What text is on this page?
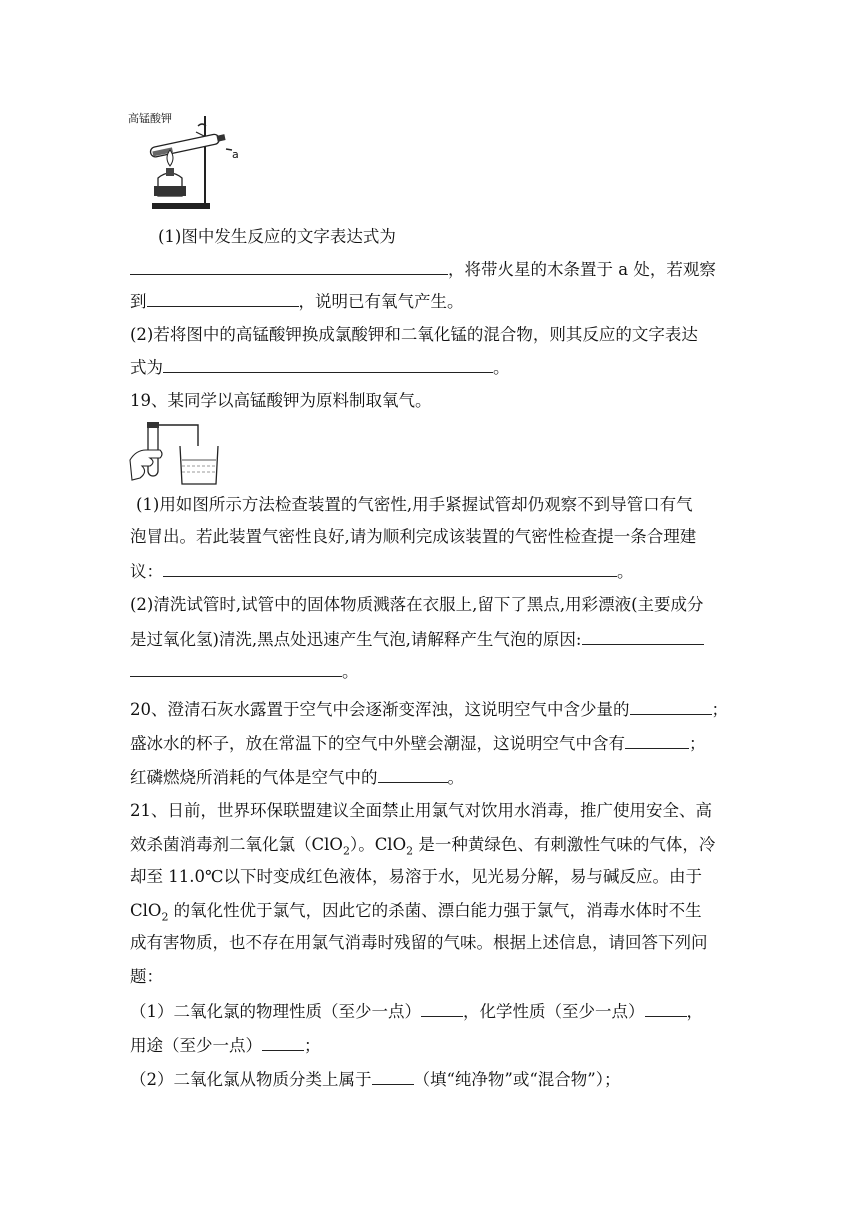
高锰酸钾
a
(1)图中发生反应的文字表达式为
，将带火星的木条置于 a 处，若观察
到	，说明已有氧气产生。
(2)若将图中的高锰酸钾换成氯酸钾和二氧化锰的混合物，则其反应的文字表达
式为	。
19、某同学以高锰酸钾为原料制取氧气。
(1)用如图所示方法检查装置的气密性,用手紧握试管却仍观察不到导管口有气
泡冒出。若此装置气密性良好,请为顺利完成该装置的气密性检查提一条合理建
议：	。
(2)清洗试管时,试管中的固体物质溅落在衣服上,留下了黑点,用彩漂液(主要成分
是过氧化氢)清洗,黑点处迅速产生气泡,请解释产生气泡的原因:
。
20、澄清石灰水露置于空气中会逐渐变浑浊，这说明空气中含少量的	；
盛冰水的杯子，放在常温下的空气中外壁会潮湿，这说明空气中含有	；
红磷燃烧所消耗的气体是空气中的	。
21、日前，世界环保联盟建议全面禁止用氯气对饮用水消毒，推广使用安全、高
效杀菌消毒剂二氧化氯（ClO$_2$）。ClO$_2$ 是一种黄绿色、有刺激性气味的气体，冷
却至 11.0℃以下时变成红色液体，易溶于水，见光易分解，易与碱反应。由于
ClO$_2$ 的氧化性优于氯气，因此它的杀菌、漂白能力强于氯气，消毒水体时不生
成有害物质，也不存在用氯气消毒时残留的气味。根据上述信息，请回答下列问
题：
（1）二氧化氯的物理性质（至少一点）	，化学性质（至少一点）	，
用途（至少一点）	；
（2）二氧化氯从物质分类上属于	（填“纯净物”或“混合物”）；
